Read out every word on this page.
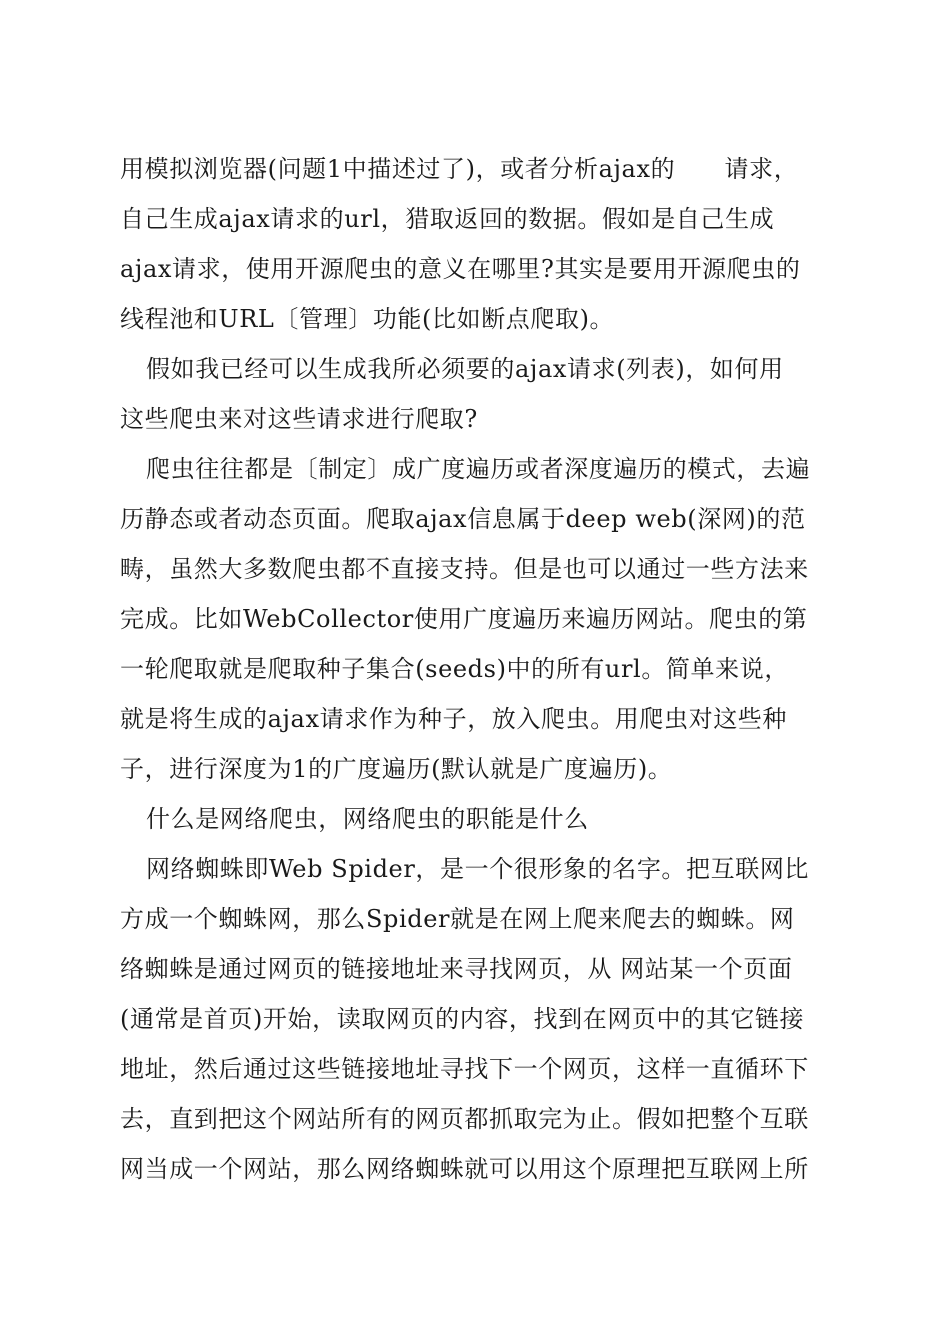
用模拟浏览器(问题1中描述过了)，或者分析ajax的      请求，
自己生成ajax请求的url，猎取返回的数据。假如是自己生成
ajax请求，使用开源爬虫的意义在哪里?其实是要用开源爬虫的
线程池和URL〔管理〕功能(比如断点爬取)。
假如我已经可以生成我所必须要的ajax请求(列表)，如何用
这些爬虫来对这些请求进行爬取?
爬虫往往都是〔制定〕成广度遍历或者深度遍历的模式，去遍
历静态或者动态页面。爬取ajax信息属于deep web(深网)的范
畴，虽然大多数爬虫都不直接支持。但是也可以通过一些方法来
完成。比如WebCollector使用广度遍历来遍历网站。爬虫的第
一轮爬取就是爬取种子集合(seeds)中的所有url。简单来说，
就是将生成的ajax请求作为种子，放入爬虫。用爬虫对这些种
子，进行深度为1的广度遍历(默认就是广度遍历)。
什么是网络爬虫，网络爬虫的职能是什么
网络蜘蛛即Web Spider，是一个很形象的名字。把互联网比
方成一个蜘蛛网，那么Spider就是在网上爬来爬去的蜘蛛。网
络蜘蛛是通过网页的链接地址来寻找网页，从 网站某一个页面
(通常是首页)开始，读取网页的内容，找到在网页中的其它链接
地址，然后通过这些链接地址寻找下一个网页，这样一直循环下
去，直到把这个网站所有的网页都抓取完为止。假如把整个互联
网当成一个网站，那么网络蜘蛛就可以用这个原理把互联网上所
